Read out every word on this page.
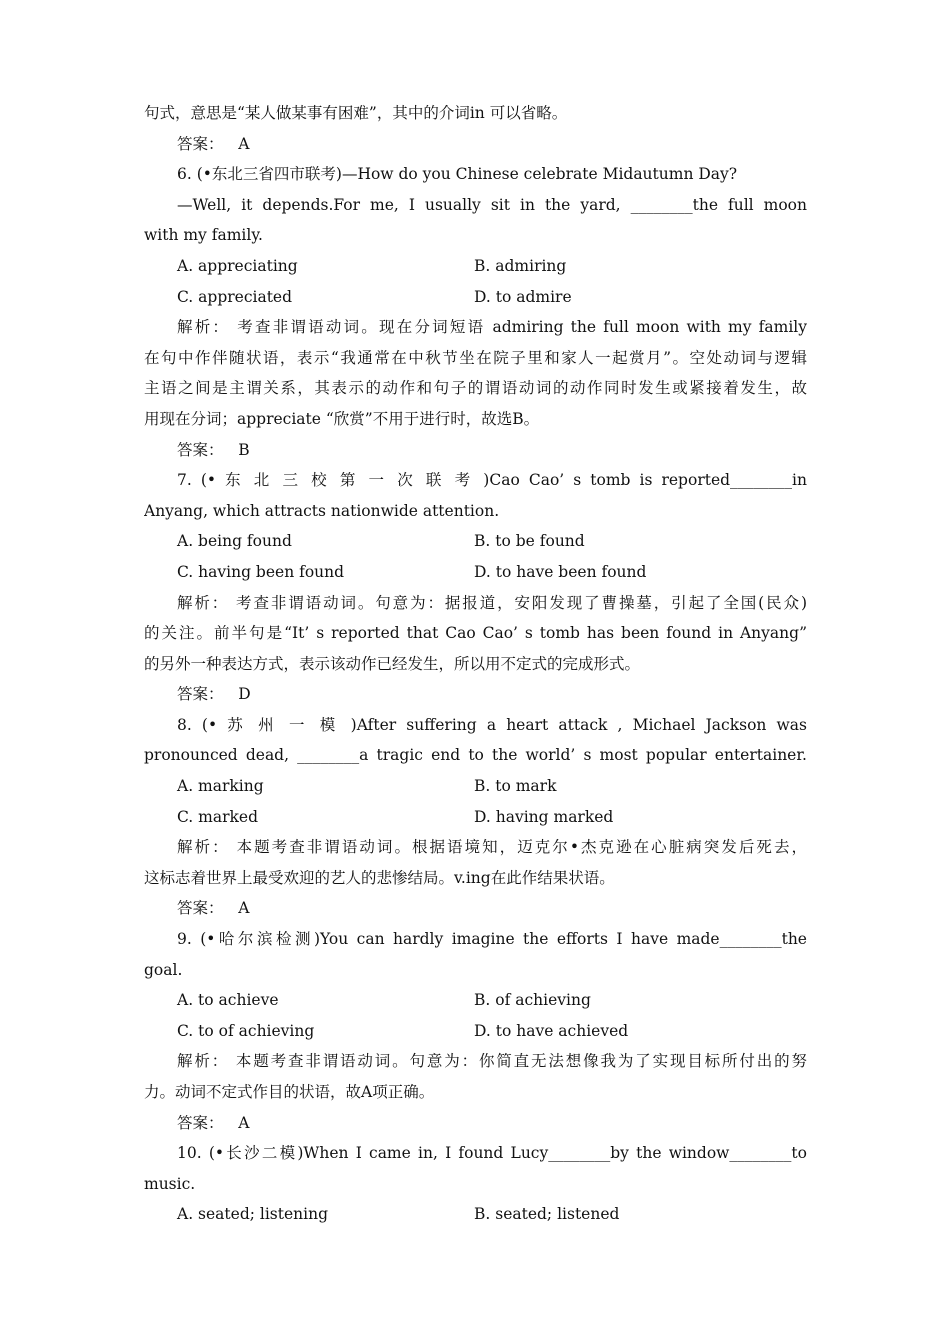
句式，意思是“某人做某事有困难”，其中的介词in 可以省略。
答案：   A
6. (•东北三省四市联考)—How do you Chinese celebrate Midautumn Day?
—Well, it depends.For me, I usually sit in the yard, ________the full moon
with my family.
A. appreciating	B. admiring
C. appreciated	D. to admire
解析： 考查非谓语动词。现在分词短语 admiring the full moon with my family
在句中作伴随状语，表示“我通常在中秋节坐在院子里和家人一起赏月”。空处动词与逻辑
主语之间是主谓关系，其表示的动作和句子的谓语动词的动作同时发生或紧接着发生，故
用现在分词；appreciate “欣赏”不用于进行时，故选B。
答案：   B
7. (• 东 北 三 校 第 一 次 联 考 )Cao Cao’ s tomb is reported________in
Anyang, which attracts nationwide attention.
A. being found	B. to be found
C. having been found	D. to have been found
解析： 考查非谓语动词。句意为：据报道，安阳发现了曹操墓，引起了全国(民众)
的关注。前半句是“It’ s reported that Cao Cao’ s tomb has been found in Anyang”
的另外一种表达方式，表示该动作已经发生，所以用不定式的完成形式。
答案：   D
8. (• 苏 州 一 模 )After suffering a heart attack , Michael Jackson was
pronounced dead, ________a tragic end to the world’ s most popular entertainer.
A. marking	B. to mark
C. marked	D. having marked
解析： 本题考查非谓语动词。根据语境知，迈克尔•杰克逊在心脏病突发后死去，
这标志着世界上最受欢迎的艺人的悲惨结局。v.ing在此作结果状语。
答案：   A
9. (•哈尔滨检测)You can hardly imagine the efforts I have made________the
goal.
A. to achieve	B. of achieving
C. to of achieving	D. to have achieved
解析： 本题考查非谓语动词。句意为：你简直无法想像我为了实现目标所付出的努
力。动词不定式作目的状语，故A项正确。
答案：   A
10. (•长沙二模)When I came in, I found Lucy________by the window________to
music.
A. seated; listening	B. seated; listened
